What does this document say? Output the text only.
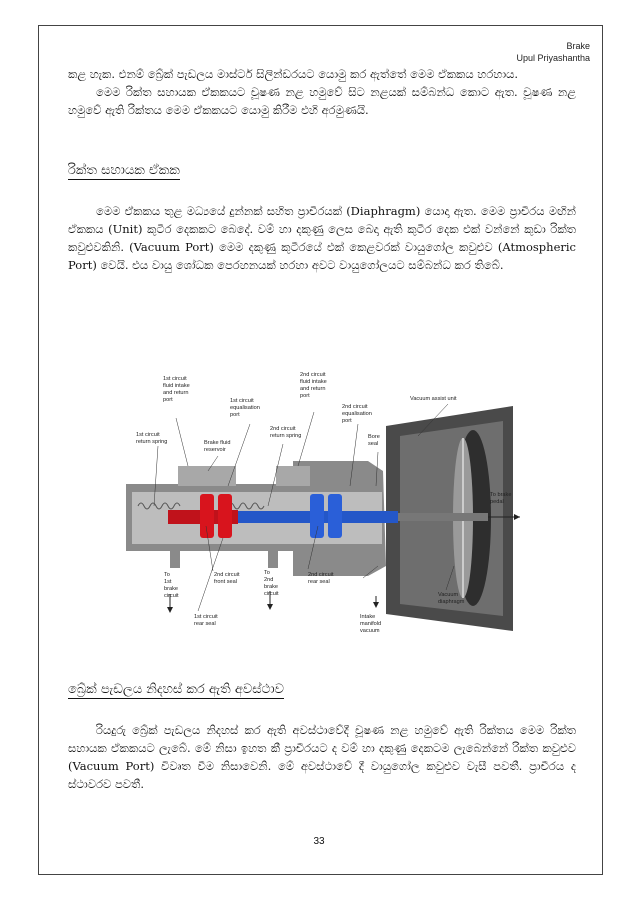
Brake
Upul Priyashantha

කළ හැක. එනම් බ්‍රේක් පැඩලය මාස්ටර් සිලින්ඩරයට යොමු කර ඇත්තේ මෙම ඒකකය හරහාය.

මෙම රික්ත සහායක ඒකකයට චූෂණ නළ හමුවේ සිට නළයක් සම්බන්ධ කොට ඇත. චූෂණ නළ හමුවේ ඇති රික්තය මෙම ඒකකයට යොමු කිරීම එහි අරමුණයි.

රික්ත සහායක ඒකක

මෙම ඒකකය තුළ මධ්‍යයේ දුන්නක් සහිත ප්‍රාචීරයක් (Diaphragm) යොදා ඇත. මෙම ප්‍රාචීරය මඟින් ඒකකය (Unit) කුටීර දෙකකට බෙදේ. වම් හා දකුණු ලෙස බෙදා ඇති කුටීර දෙක එක් වන්නේ කුඩා රික්ත කවුළුවකිනි. (Vacuum Port) මෙම දකුණු කුටීරයේ එක් කෙළවරක් වායුගෝල කවුළුව (Atmospheric Port) වෙයි. එය වායු ශෝධක පෙරහනයක් හරහා අවට වායුගෝලයට සම්බන්ධ කර තිබේ.

1st circuit fluid intake and return port	1st circuit equalisation port
1st circuit return spring	Brake fluid reservoir
2nd circuit return spring
2nd circuit fluid intake and return port
2nd circuit equalisation port
Bore seal
Vacuum assist unit
To brake pedal
To 1st brake circuit
2nd circuit front seal
To 2nd brake circuit
2nd circuit rear seal
1st circuit rear seal
Intake manifold vacuum
Vacuum diaphragm
බ්‍රේක් පැඩලය නිදහස් කර ඇති අවස්ථාව

රියදුරු බ්‍රේක් පැඩලය නිදහස් කර ඇති අවස්ථාවේදී චූෂණ නළ හමුවේ ඇති රික්තය මෙම රික්ත සහායක ඒකකයට ලැබේ. මේ නිසා ඉහත කී ප්‍රාචීරයට ද වම් හා දකුණු දෙකටම ලැබෙන්නේ රික්ත කවුළුව (Vacuum Port) විවෘත වීම නිසාවෙනි. මේ අවස්ථාවේ දී වායුගෝල කවුළුව වැසී පවතී. ප්‍රාචීරය ද ස්ථාවරව පවතී.

33
